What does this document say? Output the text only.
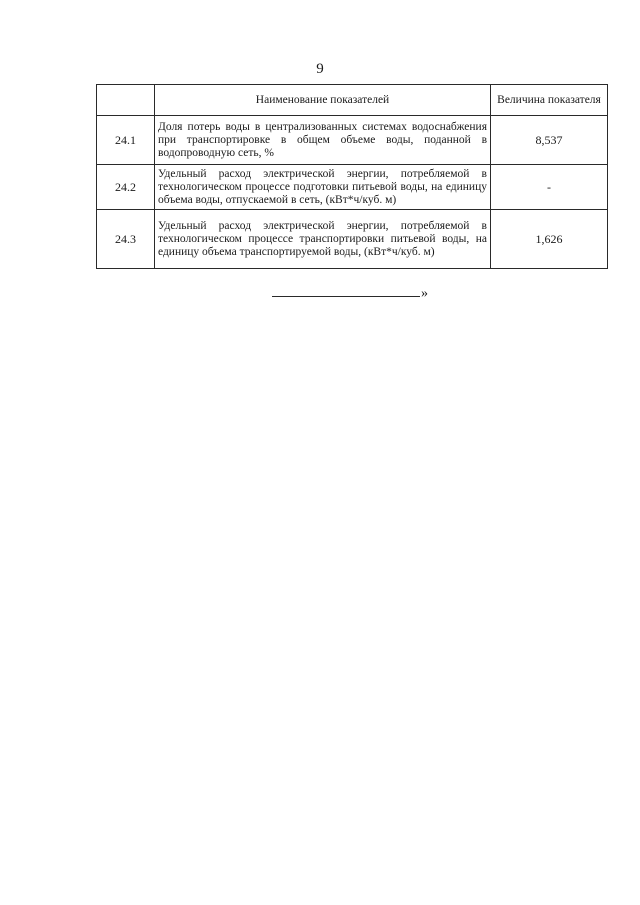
9
	Наименование показателей	Величина показателя
24.1	Доля потерь воды в централизованных системах водоснабжения при транспортировке в общем объеме воды, поданной в водопроводную сеть, %	8,537
24.2	Удельный расход электрической энергии, потребляемой в технологическом процессе подготовки питьевой воды, на единицу объема воды, отпускаемой в сеть, (кВт*ч/куб. м)	-
24.3	Удельный расход электрической энергии, потребляемой в технологическом процессе транспортировки питьевой воды, на единицу объема транспортируемой воды, (кВт*ч/куб. м)	1,626
»
